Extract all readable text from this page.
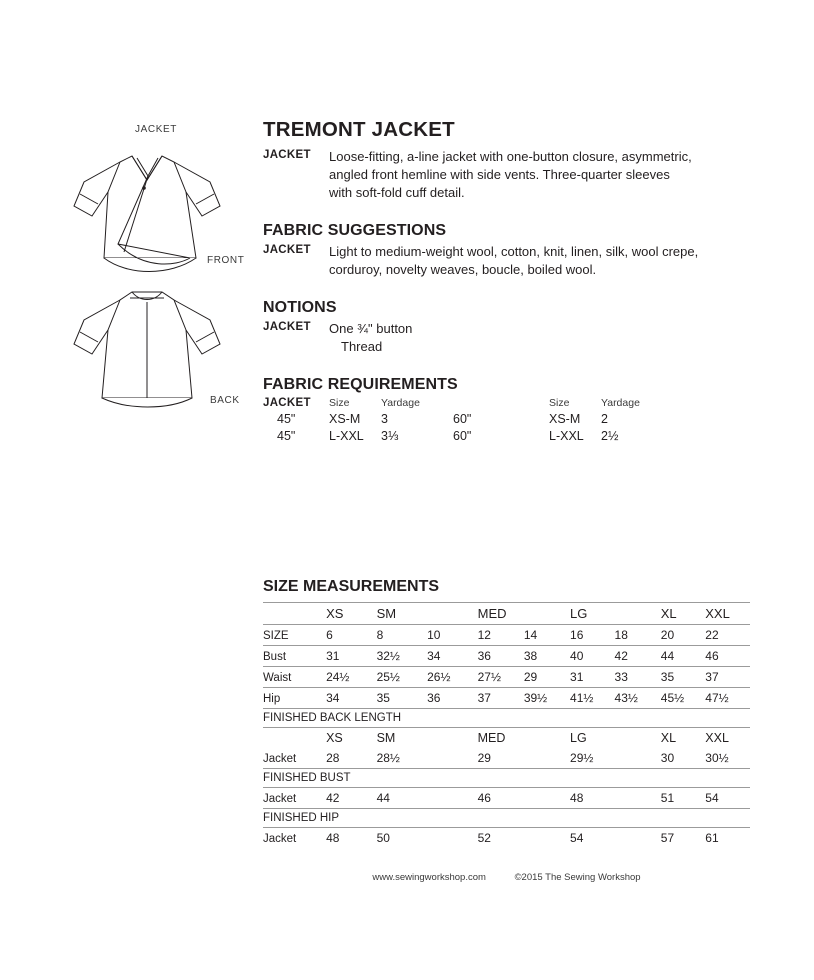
JACKET
FRONT
BACK
TREMONT JACKET
JACKET	Loose-fitting, a-line jacket with one-button closure, asymmetric,
angled front hemline with side vents. Three-quarter sleeves
with soft-fold cuff detail.
FABRIC SUGGESTIONS
JACKET	Light to medium-weight wool, cotton, knit, linen, silk, wool crepe,
corduroy, novelty weaves, boucle, boiled wool.
NOTIONS
JACKET	One ¾" button
Thread
FABRIC REQUIREMENTS
JACKET	Size	Yardage	Size	Yardage
45"	XS-M	3	60"	XS-M	2
45"	L-XXL	3⅓	60"	L-XXL	2½
SIZE MEASUREMENTS
	XS	SM		MED		LG		XL	XXL
SIZE	6	8	10	12	14	16	18	20	22
Bust	31	32½	34	36	38	40	42	44	46
Waist	24½	25½	26½	27½	29	31	33	35	37
Hip	34	35	36	37	39½	41½	43½	45½	47½
FINISHED BACK LENGTH									
	XS	SM		MED		LG		XL	XXL
Jacket	28	28½		29		29½		30	30½
FINISHED BUST									
Jacket	42	44		46		48		51	54
FINISHED HIP									
Jacket	48	50		52		54		57	61
www.sewingworkshop.com	©2015 The Sewing Workshop
